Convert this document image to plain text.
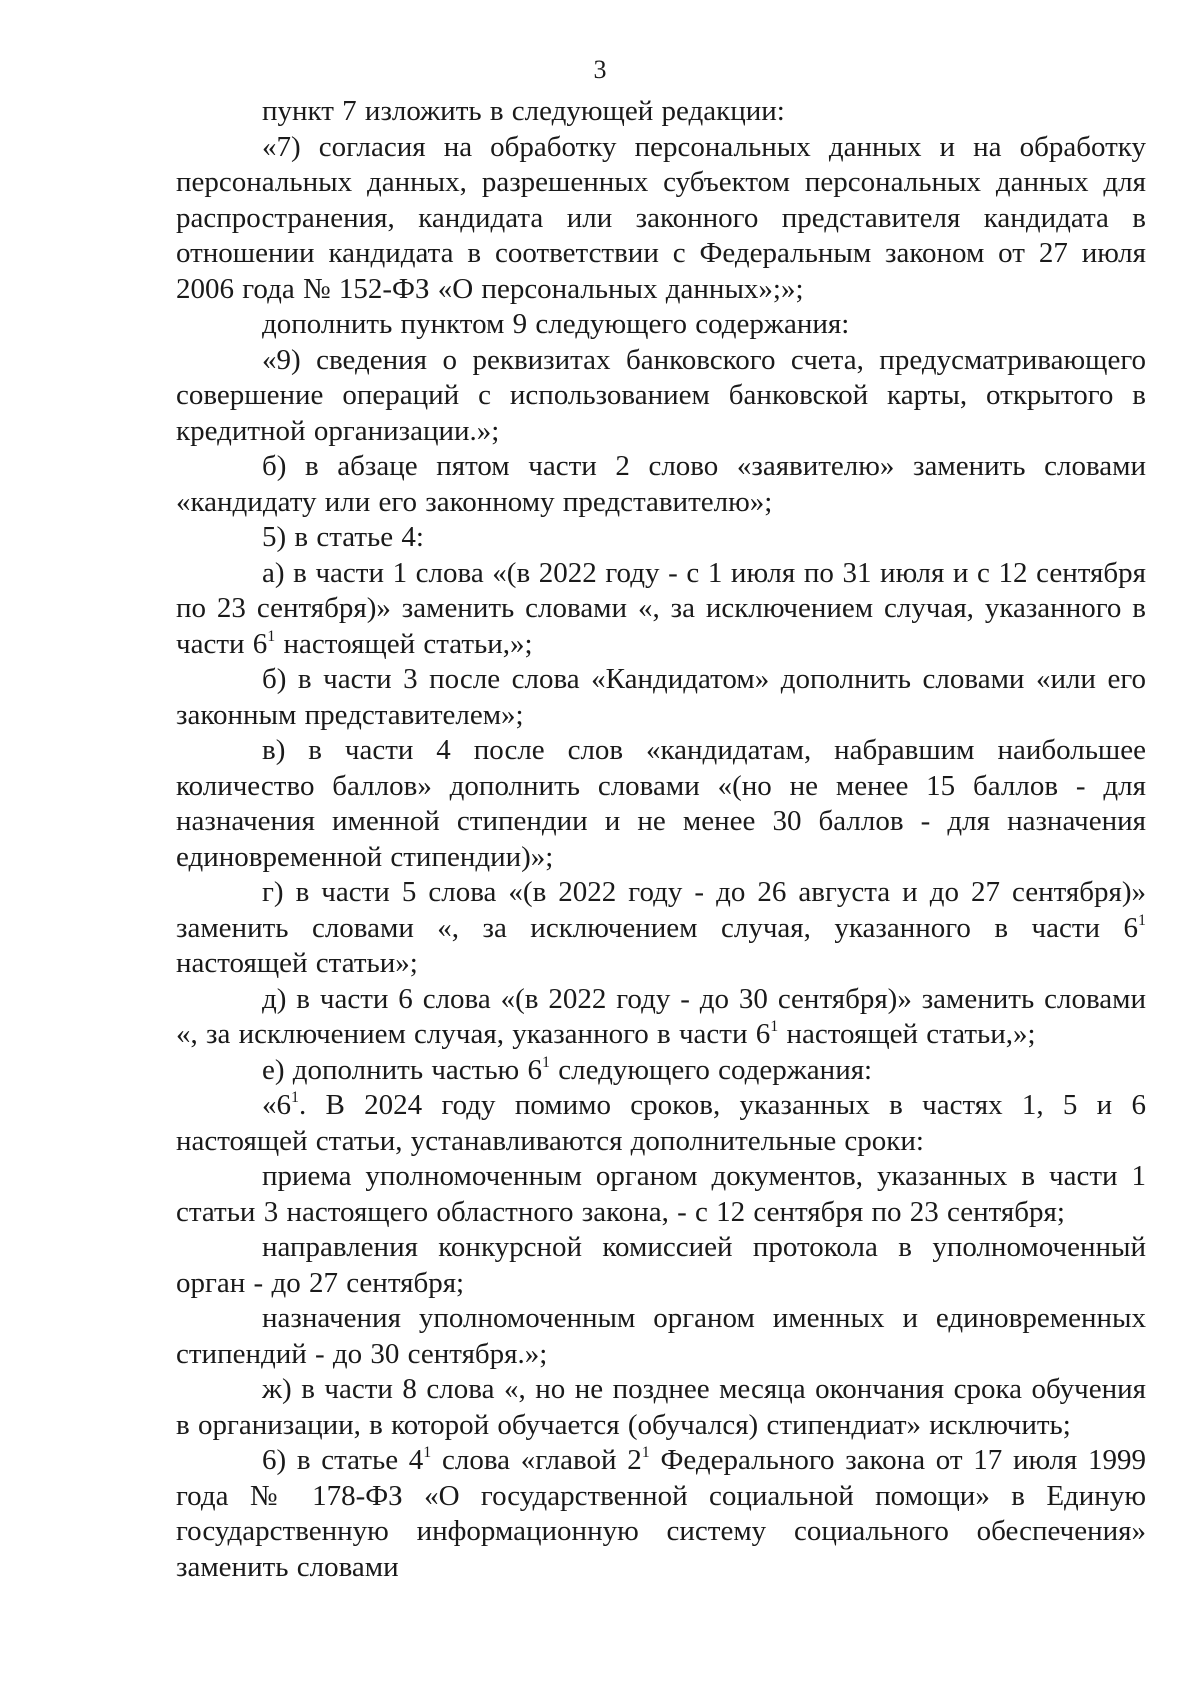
3

пункт 7 изложить в следующей редакции:

«7) согласия на обработку персональных данных и на обработку персональных данных, разрешенных субъектом персональных данных для распространения, кандидата или законного представителя кандидата в отношении кандидата в соответствии с Федеральным законом от 27 июля 2006 года № 152-ФЗ «О персональных данных»;»;

дополнить пунктом 9 следующего содержания:

«9) сведения о реквизитах банковского счета, предусматривающего совершение операций с использованием банковской карты, открытого в кредитной организации.»;

б) в абзаце пятом части 2 слово «заявителю» заменить словами «кандидату или его законному представителю»;

5) в статье 4:

а) в части 1 слова «(в 2022 году - с 1 июля по 31 июля и с 12 сентября по 23 сентября)» заменить словами «, за исключением случая, указанного в части $6^1$ настоящей статьи,»;

б) в части 3 после слова «Кандидатом» дополнить словами «или его законным представителем»;

в) в части 4 после слов «кандидатам, набравшим наибольшее количество баллов» дополнить словами «(но не менее 15 баллов - для назначения именной стипендии и не менее 30 баллов - для назначения единовременной стипендии)»;

г) в части 5 слова «(в 2022 году - до 26 августа и до 27 сентября)» заменить словами «, за исключением случая, указанного в части $6^1$ настоящей статьи»;

д) в части 6 слова «(в 2022 году - до 30 сентября)» заменить словами «, за исключением случая, указанного в части $6^1$ настоящей статьи,»;

е) дополнить частью $6^1$ следующего содержания:

«$6^1$. В 2024 году помимо сроков, указанных в частях 1, 5 и 6 настоящей статьи, устанавливаются дополнительные сроки:

приема уполномоченным органом документов, указанных в части 1 статьи 3 настоящего областного закона, - с 12 сентября по 23 сентября;

направления конкурсной комиссией протокола в уполномоченный орган - до 27 сентября;

назначения уполномоченным органом именных и единовременных стипендий - до 30 сентября.»;

ж) в части 8 слова «, но не позднее месяца окончания срока обучения в организации, в которой обучается (обучался) стипендиат» исключить;

6) в статье $4^1$ слова «главой $2^1$ Федерального закона от 17 июля 1999 года № 178-ФЗ «О государственной социальной помощи» в Единую государственную информационную систему социального обеспечения» заменить словами
